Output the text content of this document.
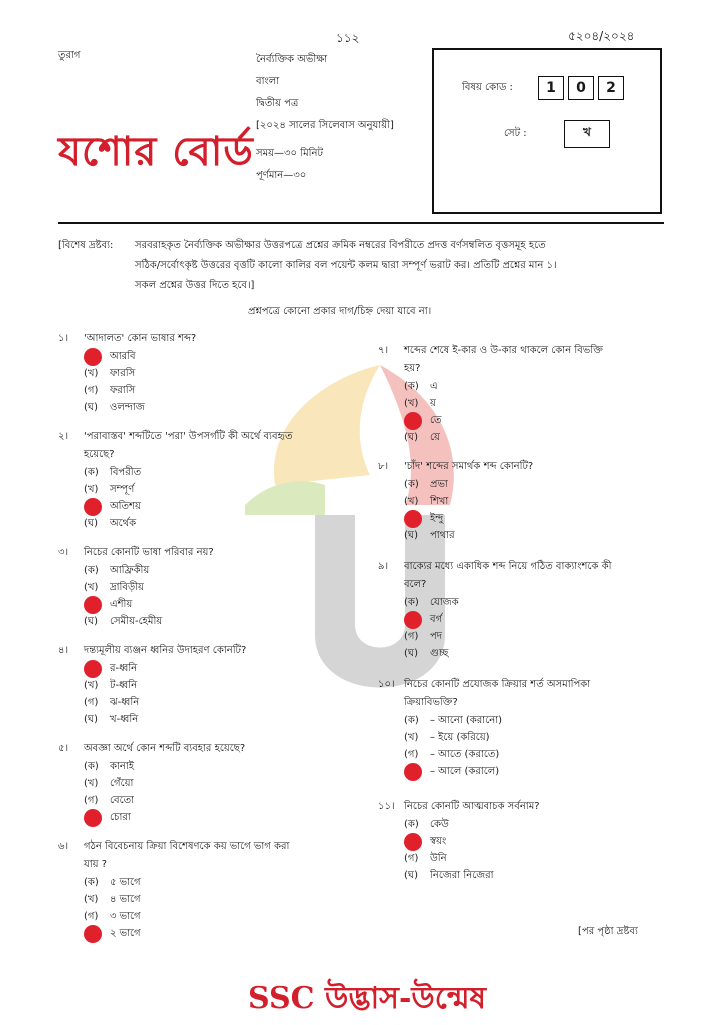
১১২	৫২০৪/২০২৪
তুরাগ	নৈর্ব্যক্তিক অভীক্ষা
বাংলা
দ্বিতীয় পত্র
[২০২৪ সালের সিলেবাস অনুযায়ী]
সময়—৩০ মিনিট
পূর্ণমান—৩০
যশোর বোর্ড
বিষয় কোড :	1	0	2
সেট :	খ
[বিশেষ দ্রষ্টব্য: সরবরাহকৃত নৈর্ব্যক্তিক অভীক্ষার উত্তরপত্রে প্রশ্নের ক্রমিক নম্বরের বিপরীতে প্রদত্ত বর্ণসম্বলিত বৃত্তসমূহ হতে
সঠিক/সর্বোৎকৃষ্ট উত্তরের বৃত্তটি কালো কালির বল পয়েন্ট কলম দ্বারা সম্পূর্ণ ভরাট কর। প্রতিটি প্রশ্নের মান ১।
সকল প্রশ্নের উত্তর দিতে হবে।]
প্রশ্নপত্রে কোনো প্রকার দাগ/চিহ্ন দেয়া যাবে না।
১। 'আদালত' কোন ভাষার শব্দ?
আরবি
(খ)	ফারসি
(গ)	ফরাসি
(ঘ)	ওলন্দাজ
২। 'পরাবাস্তব' শব্দটিতে 'পরা' উপসর্গটি কী অর্থে ব্যবহৃত
হয়েছে?
(ক)	বিপরীত
(খ)	সম্পূর্ণ
অতিশয়
(ঘ)	অর্থেক
৩। নিচের কোনটি ভাষা পরিবার নয়?
(ক)	আফ্রিকীয়
(খ)	দ্রাবিড়ীয়
এশীয়
(ঘ)	সেমীয়-হেমীয়
৪। দন্ত্যমূলীয় ব্যঞ্জন ধ্বনির উদাহরণ কোনটি?
র-ধ্বনি
(খ)	ট-ধ্বনি
(গ)	ঝ-ধ্বনি
(ঘ)	খ-ধ্বনি
৫। অবজ্ঞা অর্থে কোন শব্দটি ব্যবহার হয়েছে?
(ক)	কানাই
(খ)	গেঁয়ো
(গ)	বেতো
চোরা
৬। গঠন বিবেচনায় ক্রিয়া বিশেষণকে কয় ভাগে ভাগ করা
যায় ?
(ক)	৫ ভাগে
(খ)	৪ ভাগে
(গ)	৩ ভাগে
২ ভাগে
৭। শব্দের শেষে ই-কার ও উ-কার থাকলে কোন বিভক্তি
হয়?
(ক)	এ
(খ)	য়
তে
(ঘ)	য়ে
৮। 'চাঁদ' শব্দের সমার্থক শব্দ কোনটি?
(ক)	প্রভা
(খ)	শিখা
ইন্দু
(ঘ)	পাথার
৯। বাক্যের মধ্যে একাধিক শব্দ নিয়ে গঠিত বাক্যাংশকে কী
বলে?
(ক)	যোজক
বর্গ
(গ)	পদ
(ঘ)	গুচ্ছ
১০। নিচের কোনটি প্রযোজক ক্রিয়ার শর্ত অসমাপিকা
ক্রিয়াবিভক্তি?
(ক)	– আনো (করানো)
(খ)	– ইয়ে (করিয়ে)
(গ)	– আতে (করাতে)
– আলে (করালে)
১১। নিচের কোনটি আত্মবাচক সর্বনাম?
(ক)	কেউ
স্বয়ং
(গ)	উনি
(ঘ)	নিজেরা নিজেরা
[পর পৃষ্ঠা দ্রষ্টব্য
SSC উদ্ভাস-উন্মেষ
